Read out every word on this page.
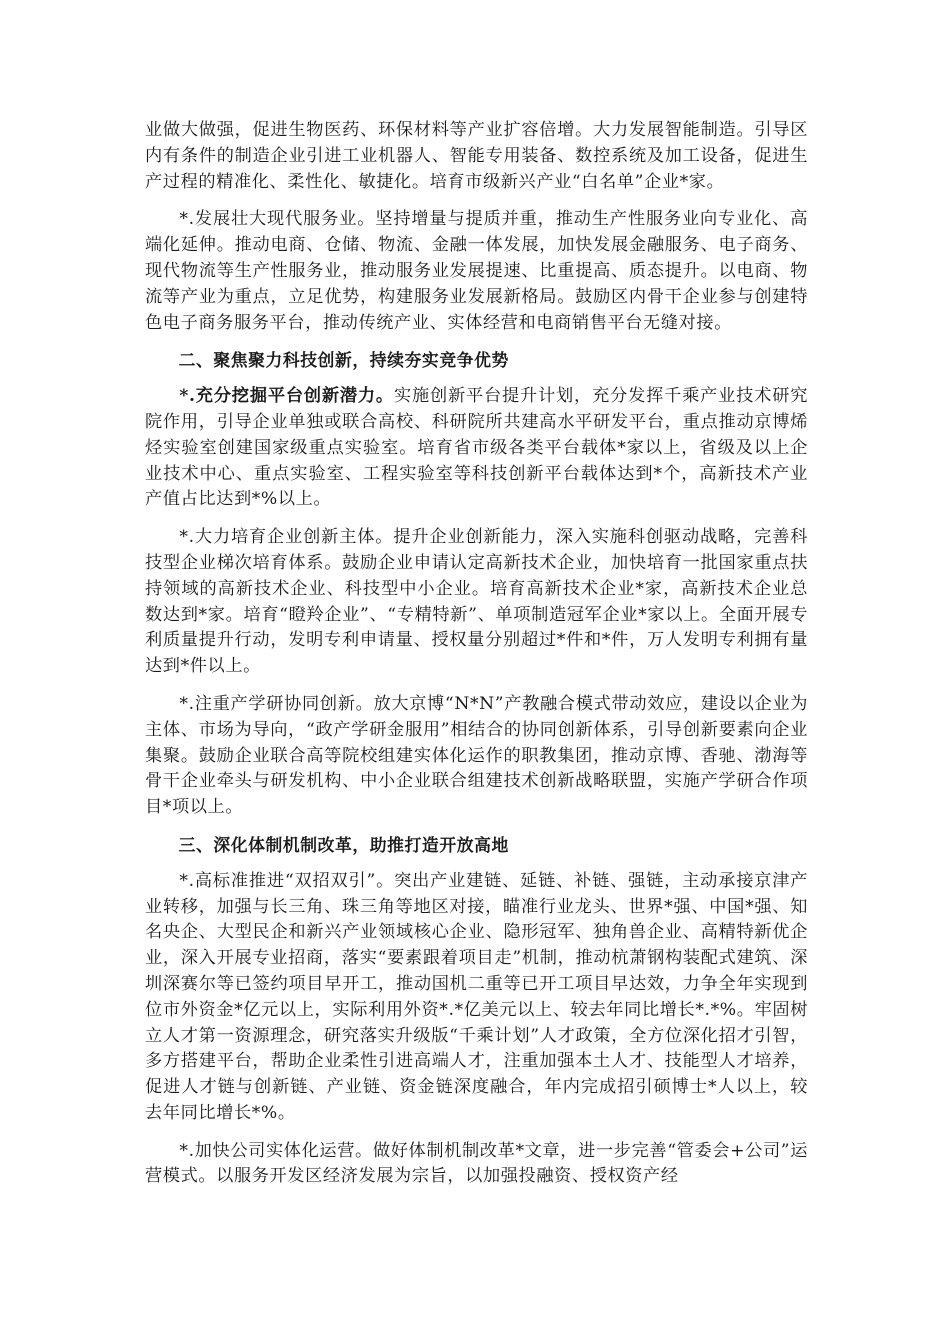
业做大做强，促进生物医药、环保材料等产业扩容倍增。大力发展智能制造。引导区内有条件的制造企业引进工业机器人、智能专用装备、数控系统及加工设备，促进生产过程的精准化、柔性化、敏捷化。培育市级新兴产业“白名单”企业*家。

*.发展壮大现代服务业。坚持增量与提质并重，推动生产性服务业向专业化、高端化延伸。推动电商、仓储、物流、金融一体发展，加快发展金融服务、电子商务、现代物流等生产性服务业，推动服务业发展提速、比重提高、质态提升。以电商、物流等产业为重点，立足优势，构建服务业发展新格局。鼓励区内骨干企业参与创建特色电子商务服务平台，推动传统产业、实体经营和电商销售平台无缝对接。

二、聚焦聚力科技创新，持续夯实竞争优势

*.充分挖掘平台创新潜力。实施创新平台提升计划，充分发挥千乘产业技术研究院作用，引导企业单独或联合高校、科研院所共建高水平研发平台，重点推动京博烯烃实验室创建国家级重点实验室。培育省市级各类平台载体*家以上，省级及以上企业技术中心、重点实验室、工程实验室等科技创新平台载体达到*个，高新技术产业产值占比达到*%以上。

*.大力培育企业创新主体。提升企业创新能力，深入实施科创驱动战略，完善科技型企业梯次培育体系。鼓励企业申请认定高新技术企业，加快培育一批国家重点扶持领域的高新技术企业、科技型中小企业。培育高新技术企业*家，高新技术企业总数达到*家。培育“瞪羚企业”、“专精特新”、单项制造冠军企业*家以上。全面开展专利质量提升行动，发明专利申请量、授权量分别超过*件和*件，万人发明专利拥有量达到*件以上。

*.注重产学研协同创新。放大京博“N*N”产教融合模式带动效应，建设以企业为主体、市场为导向，“政产学研金服用”相结合的协同创新体系，引导创新要素向企业集聚。鼓励企业联合高等院校组建实体化运作的职教集团，推动京博、香驰、渤海等骨干企业牵头与研发机构、中小企业联合组建技术创新战略联盟，实施产学研合作项目*项以上。

三、深化体制机制改革，助推打造开放高地

*.高标准推进“双招双引”。突出产业建链、延链、补链、强链，主动承接京津产业转移，加强与长三角、珠三角等地区对接，瞄准行业龙头、世界*强、中国*强、知名央企、大型民企和新兴产业领域核心企业、隐形冠军、独角兽企业、高精特新优企业，深入开展专业招商，落实“要素跟着项目走”机制，推动杭萧钢构装配式建筑、深圳深赛尔等已签约项目早开工，推动国机二重等已开工项目早达效，力争全年实现到位市外资金*亿元以上，实际利用外资*.*亿美元以上、较去年同比增长*.*%。牢固树立人才第一资源理念，研究落实升级版“千乘计划”人才政策，全方位深化招才引智，多方搭建平台，帮助企业柔性引进高端人才，注重加强本土人才、技能型人才培养，促进人才链与创新链、产业链、资金链深度融合，年内完成招引硕博士*人以上，较去年同比增长*%。

*.加快公司实体化运营。做好体制机制改革*文章，进一步完善“管委会+公司”运营模式。以服务开发区经济发展为宗旨，以加强投融资、授权资产经
